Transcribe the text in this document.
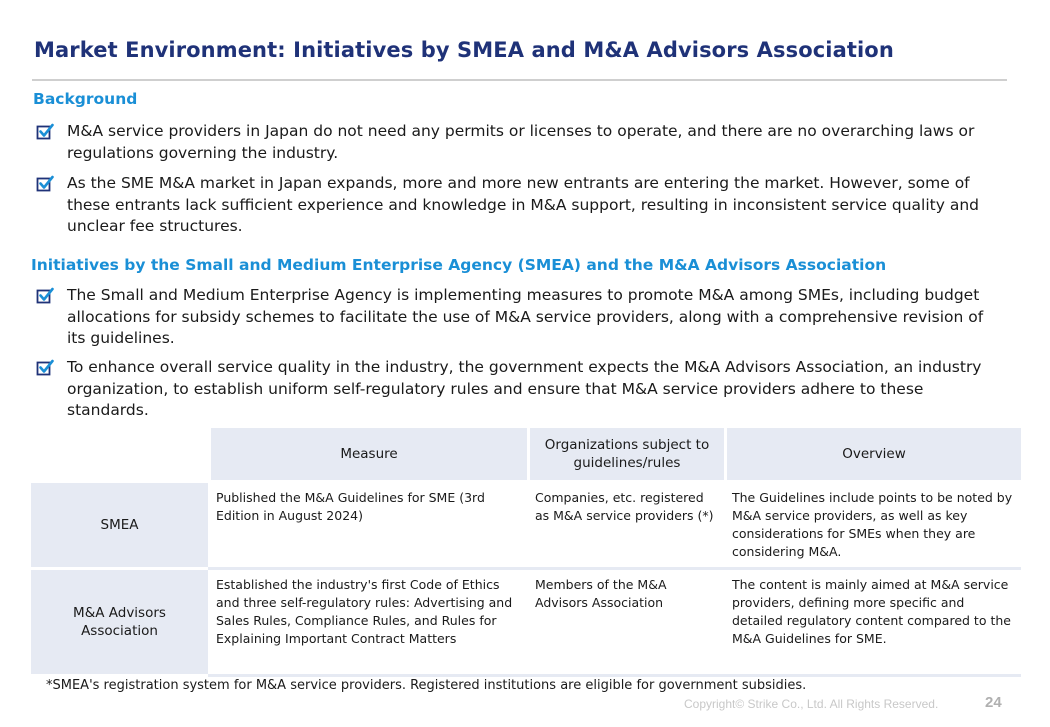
Market Environment: Initiatives by SMEA and M&A Advisors Association
Background
M&A service providers in Japan do not need any permits or licenses to operate, and there are no overarching laws or regulations governing the industry.
As the SME M&A market in Japan expands, more and more new entrants are entering the market. However, some of these entrants lack sufficient experience and knowledge in M&A support, resulting in inconsistent service quality and unclear fee structures.
Initiatives by the Small and Medium Enterprise Agency (SMEA) and the M&A Advisors Association
The Small and Medium Enterprise Agency is implementing measures to promote M&A among SMEs, including budget allocations for subsidy schemes to facilitate the use of M&A service providers, along with a comprehensive revision of its guidelines.
To enhance overall service quality in the industry, the government expects the M&A Advisors Association, an industry organization, to establish uniform self-regulatory rules and ensure that M&A service providers adhere to these standards.
	Measure	Organizations subject to guidelines/rules	Overview
SMEA	Published the M&A Guidelines for SME (3rd Edition in August 2024)	Companies, etc. registered as M&A service providers (*)	The Guidelines include points to be noted by M&A service providers, as well as key considerations for SMEs when they are considering M&A.
M&A Advisors Association	Established the industry's first Code of Ethics and three self-regulatory rules: Advertising and Sales Rules, Compliance Rules, and Rules for Explaining Important Contract Matters	Members of the M&A Advisors Association	The content is mainly aimed at M&A service providers, defining more specific and detailed regulatory content compared to the M&A Guidelines for SME.
*SMEA's registration system for M&A service providers. Registered institutions are eligible for government subsidies.
Copyright© Strike Co., Ltd. All Rights Reserved.	24
